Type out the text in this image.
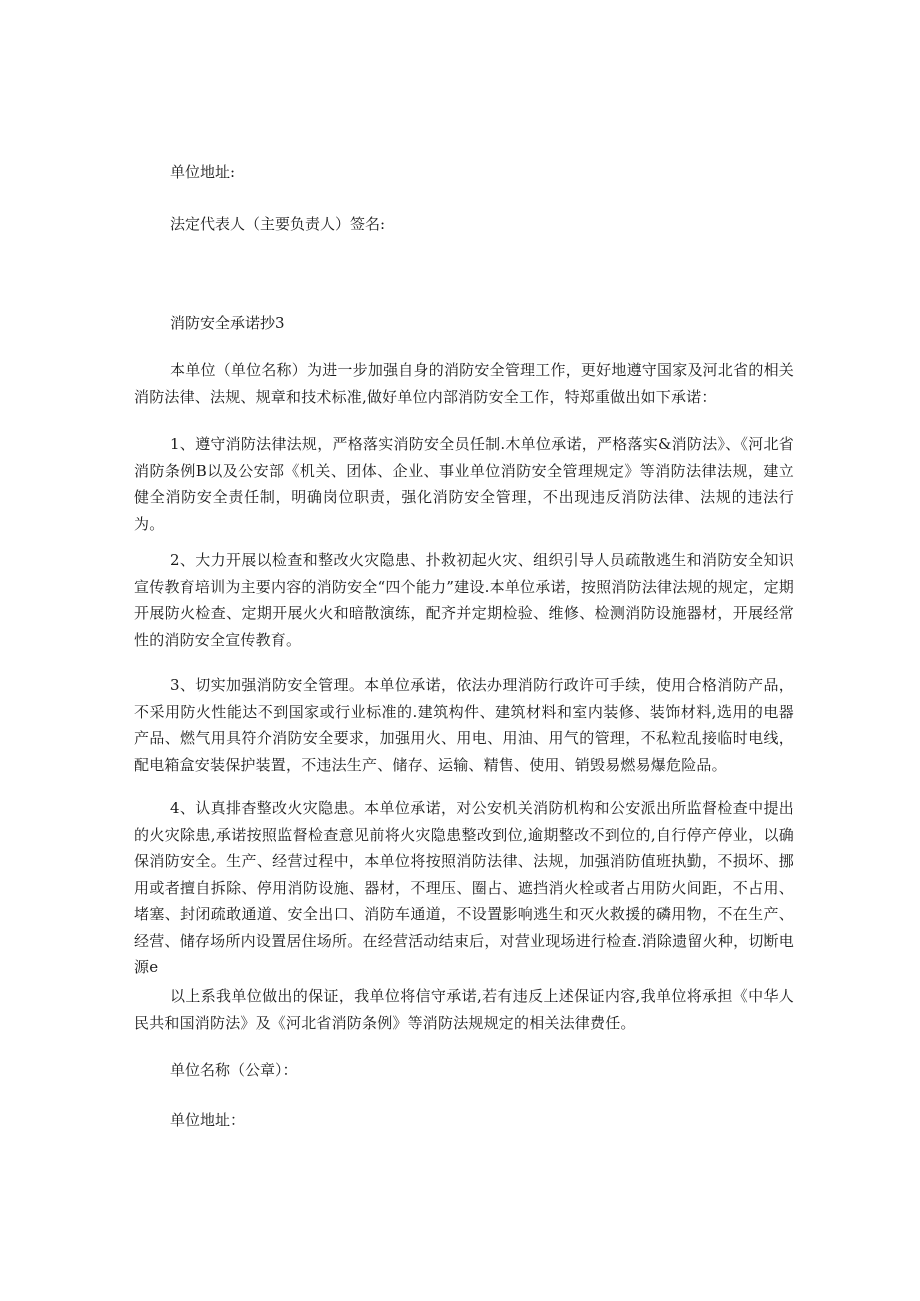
单位地址:

法定代表人（主要负责人）签名:

消防安全承诺抄3

本单位（单位名称）为进一步加强自身的消防安全管理工作，更好地遵守国家及河北省的相关消防法律、法规、规章和技术标准,做好单位内部消防安全工作，特郑重做出如下承诺：

1、遵守消防法律法规，严格落实消防安全员任制.木单位承诺，严格落实&消防法》、《河北省消防条例B以及公安部《机关、团体、企业、事业单位消防安全管理规定》等消防法律法规，建立健全消防安全责任制，明确岗位职责，强化消防安全管理，不出现违反消防法律、法规的违法行为。

2、大力开展以检查和整改火灾隐患、扑救初起火灾、组织引导人员疏散逃生和消防安全知识宣传教育培训为主要内容的消防安全“四个能力”建设.本单位承诺，按照消防法律法规的规定，定期开展防火检查、定期开展火火和暗散演练，配齐并定期检验、维修、检测消防设施器材，开展经常性的消防安全宣传教育。

3、切实加强消防安全管理。本单位承诺，依法办理消防行政许可手续，使用合格消防产品，不采用防火性能达不到国家或行业标准的.建筑构件、建筑材料和室内装修、装饰材料,选用的电器产品、燃气用具符介消防安全要求，加强用火、用电、用油、用气的管理，不私粒乱接临时电线，配电箱盒安装保护装置，不违法生产、储存、运输、精售、使用、销毁易燃易爆危险品。

4、认真排杳整改火灾隐患。本单位承诺，对公安机关消防机构和公安派出所监督检查中提出的火灾除患,承诺按照监督检查意见前将火灾隐患整改到位,逾期整改不到位的,自行停产停业，以确保消防安全。生产、经营过程中，本单位将按照消防法律、法规，加强消防值班执勤，不损坏、挪用或者擅自拆除、停用消防设施、器材，不理压、圈占、遮挡消火栓或者占用防火间距，不占用、堵塞、封闭疏敢通道、安全出口、消防车通道，不设置影响逃生和灭火救援的磷用物，不在生产、经营、储存场所内设置居住场所。在经营活动结束后，对营业现场进行检查.消除遗留火种，切断电源e

以上系我单位做出的保证，我单位将信守承诺,若有违反上述保证内容,我单位将承担《中华人民共和国消防法》及《河北省消防条例》等消防法规规定的相关法律费任。

单位名称（公章）：

单位地址：
